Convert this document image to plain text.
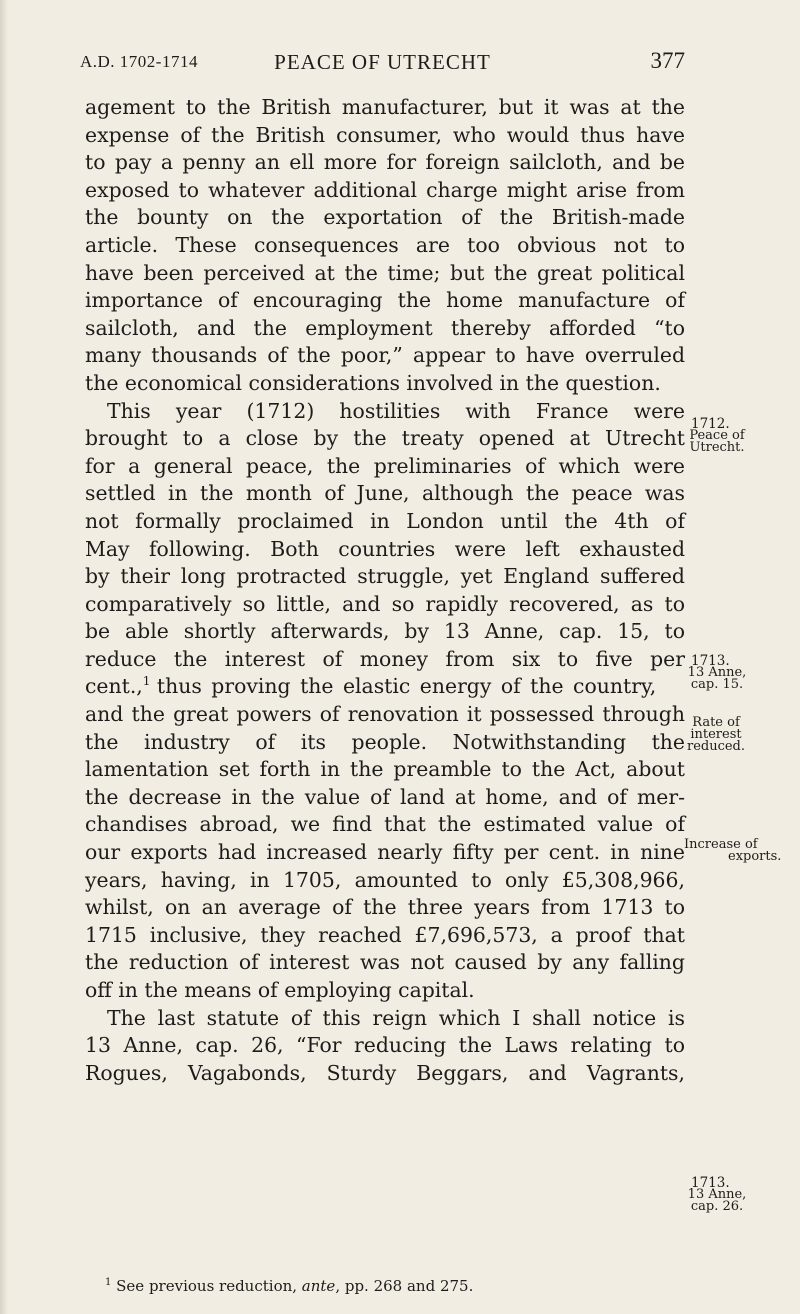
A.D. 1702-1714	PEACE OF UTRECHT	377
agement to the British manufacturer, but it was at the
expense of the British consumer, who would thus have
to pay a penny an ell more for foreign sailcloth, and be
exposed to whatever additional charge might arise from
the bounty on the exportation of the British-made
article. These consequences are too obvious not to
have been perceived at the time; but the great political
importance of encouraging the home manufacture of
sailcloth, and the employment thereby afforded “to
many thousands of the poor,” appear to have overruled
the economical considerations involved in the question.
This year (1712) hostilities with France were
brought to a close by the treaty opened at Utrecht
for a general peace, the preliminaries of which were
settled in the month of June, although the peace was
not formally proclaimed in London until the 4th of
May following. Both countries were left exhausted
by their long protracted struggle, yet England suffered
comparatively so little, and so rapidly recovered, as to
be able shortly afterwards, by 13 Anne, cap. 15, to
reduce the interest of money from six to five per
cent.,$^1$ thus proving the elastic energy of the country,
and the great powers of renovation it possessed through
the industry of its people. Notwithstanding the
lamentation set forth in the preamble to the Act, about
the decrease in the value of land at home, and of mer-
chandises abroad, we find that the estimated value of
our exports had increased nearly fifty per cent. in nine
years, having, in 1705, amounted to only £5,308,966,
whilst, on an average of the three years from 1713 to
1715 inclusive, they reached £7,696,573, a proof that
the reduction of interest was not caused by any falling
off in the means of employing capital.
The last statute of this reign which I shall notice is
13 Anne, cap. 26, “For reducing the Laws relating to
Rogues, Vagabonds, Sturdy Beggars, and Vagrants,
$^1$ See previous reduction, ante, pp. 268 and 275.
1712.
Peace of
Utrecht.
1713.
13 Anne,
cap. 15.
Rate of
interest
reduced.
Increase of
exports.
1713.
13 Anne,
cap. 26.
